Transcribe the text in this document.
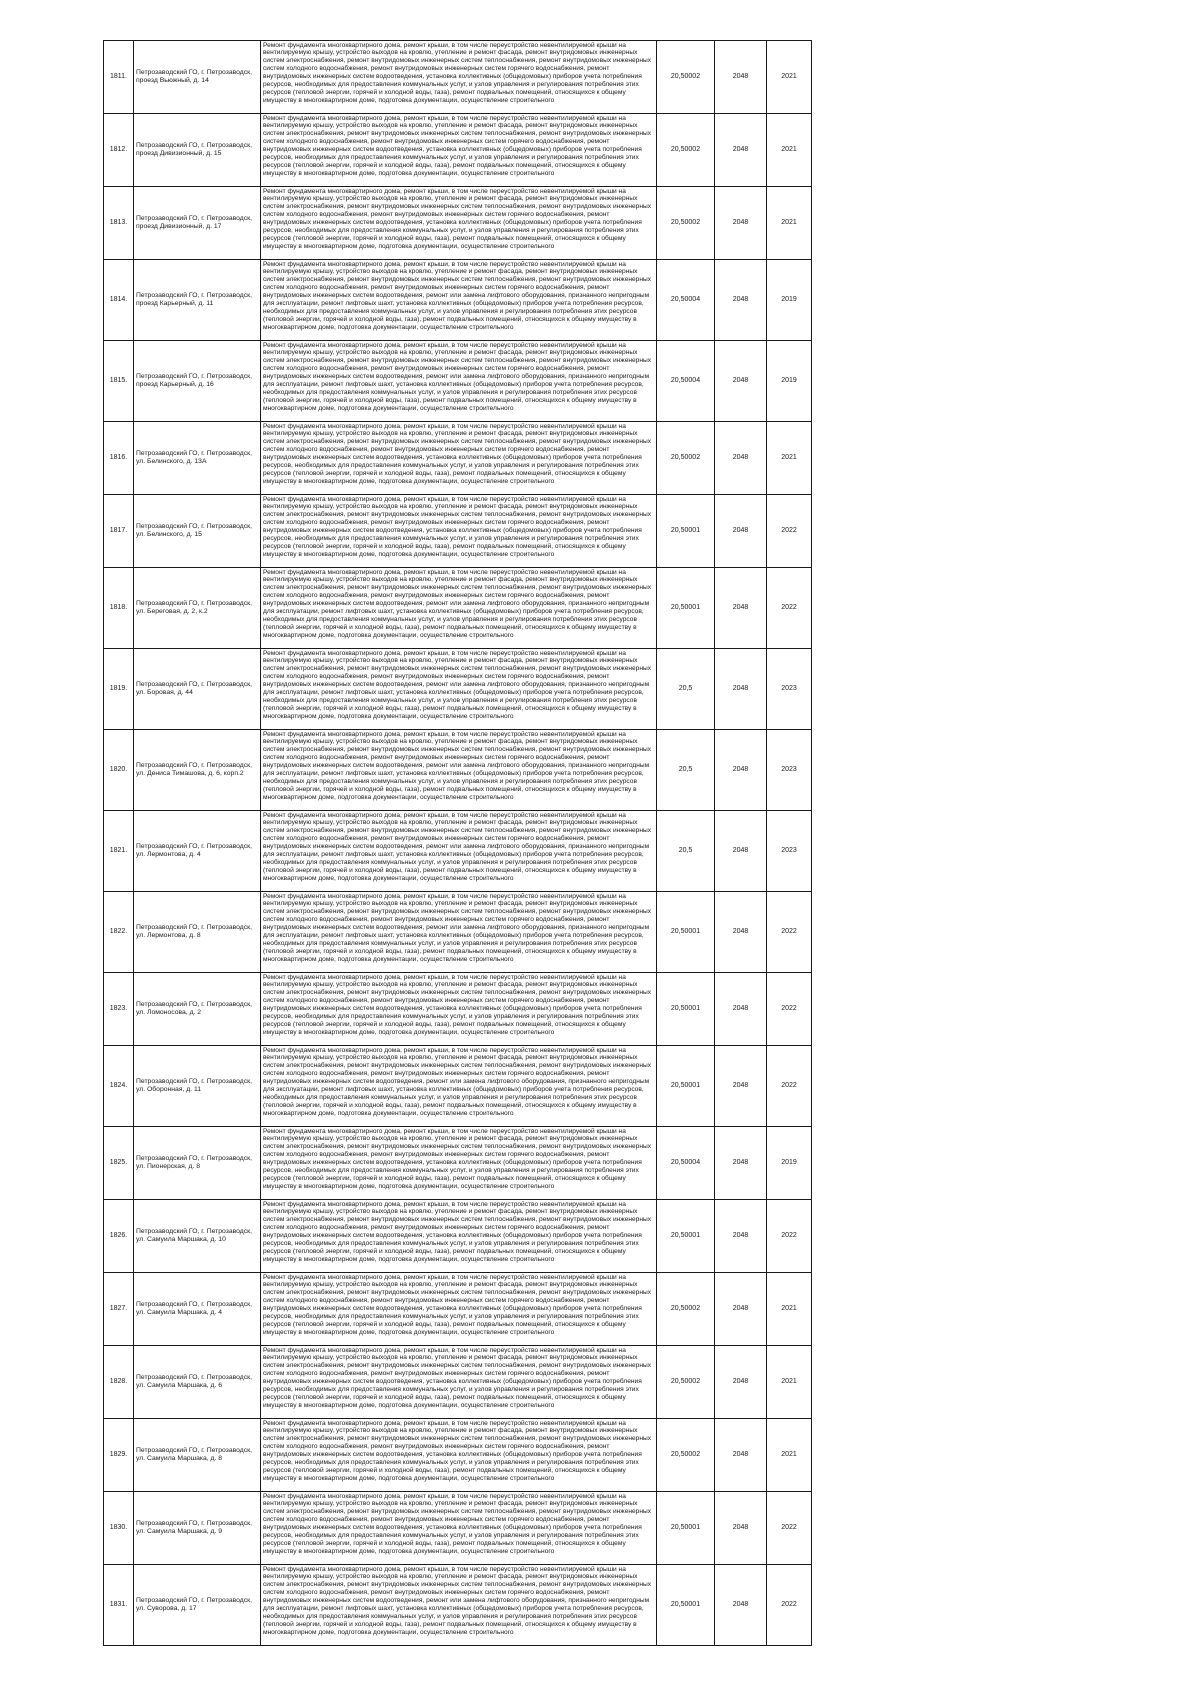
1811.	Петрозаводский ГО, г. Петрозаводск, проезд Вьюжный, д. 14	Ремонт фундамента многоквартирного дома, ремонт крыши, в том числе переустройство невентилируемой крыши на вентилируемую крышу, устройство выходов на кровлю, утепление и ремонт фасада, ремонт внутридомовых инженерных систем электроснабжения, ремонт внутридомовых инженерных систем теплоснабжения, ремонт внутридомовых инженерных систем холодного водоснабжения, ремонт внутридомовых инженерных систем горячего водоснабжения, ремонт внутридомовых инженерных систем водоотведения, установка коллективных (общедомовых) приборов учета потребления ресурсов, необходимых для предоставления коммунальных услуг, и узлов управления и регулирования потребления этих ресурсов (тепловой энергии, горячей и холодной воды, газа), ремонт подвальных помещений, относящихся к общему имуществу в многоквартирном доме, подготовка документации, осуществление строительного	20,50002	2048	2021
1812.	Петрозаводский ГО, г. Петрозаводск, проезд Дивизионный, д. 15	Ремонт фундамента многоквартирного дома, ремонт крыши, в том числе переустройство невентилируемой крыши на вентилируемую крышу, устройство выходов на кровлю, утепление и ремонт фасада, ремонт внутридомовых инженерных систем электроснабжения, ремонт внутридомовых инженерных систем теплоснабжения, ремонт внутридомовых инженерных систем холодного водоснабжения, ремонт внутридомовых инженерных систем горячего водоснабжения, ремонт внутридомовых инженерных систем водоотведения, установка коллективных (общедомовых) приборов учета потребления ресурсов, необходимых для предоставления коммунальных услуг, и узлов управления и регулирования потребления этих ресурсов (тепловой энергии, горячей и холодной воды, газа), ремонт подвальных помещений, относящихся к общему имуществу в многоквартирном доме, подготовка документации, осуществление строительного	20,50002	2048	2021
1813.	Петрозаводский ГО, г. Петрозаводск, проезд Дивизионный, д. 17	Ремонт фундамента многоквартирного дома, ремонт крыши, в том числе переустройство невентилируемой крыши на вентилируемую крышу, устройство выходов на кровлю, утепление и ремонт фасада, ремонт внутридомовых инженерных систем электроснабжения, ремонт внутридомовых инженерных систем теплоснабжения, ремонт внутридомовых инженерных систем холодного водоснабжения, ремонт внутридомовых инженерных систем горячего водоснабжения, ремонт внутридомовых инженерных систем водоотведения, установка коллективных (общедомовых) приборов учета потребления ресурсов, необходимых для предоставления коммунальных услуг, и узлов управления и регулирования потребления этих ресурсов (тепловой энергии, горячей и холодной воды, газа), ремонт подвальных помещений, относящихся к общему имуществу в многоквартирном доме, подготовка документации, осуществление строительного	20,50002	2048	2021
1814.	Петрозаводский ГО, г. Петрозаводск, проезд Карьерный, д. 11	Ремонт фундамента многоквартирного дома, ремонт крыши, в том числе переустройство невентилируемой крыши на вентилируемую крышу, устройство выходов на кровлю, утепление и ремонт фасада, ремонт внутридомовых инженерных систем электроснабжения, ремонт внутридомовых инженерных систем теплоснабжения, ремонт внутридомовых инженерных систем холодного водоснабжения, ремонт внутридомовых инженерных систем горячего водоснабжения, ремонт внутридомовых инженерных систем водоотведения, ремонт или замена лифтового оборудования, признанного непригодным для эксплуатации, ремонт лифтовых шахт, установка коллективных (общедомовых) приборов учета потребления ресурсов, необходимых для предоставления коммунальных услуг, и узлов управления и регулирования потребления этих ресурсов (тепловой энергии, горячей и холодной воды, газа), ремонт подвальных помещений, относящихся к общему имуществу в многоквартирном доме, подготовка документации, осуществление строительного	20,50004	2048	2019
1815.	Петрозаводский ГО, г. Петрозаводск, проезд Карьерный, д. 16	Ремонт фундамента многоквартирного дома, ремонт крыши, в том числе переустройство невентилируемой крыши на вентилируемую крышу, устройство выходов на кровлю, утепление и ремонт фасада, ремонт внутридомовых инженерных систем электроснабжения, ремонт внутридомовых инженерных систем теплоснабжения, ремонт внутридомовых инженерных систем холодного водоснабжения, ремонт внутридомовых инженерных систем горячего водоснабжения, ремонт внутридомовых инженерных систем водоотведения, ремонт или замена лифтового оборудования, признанного непригодным для эксплуатации, ремонт лифтовых шахт, установка коллективных (общедомовых) приборов учета потребления ресурсов, необходимых для предоставления коммунальных услуг, и узлов управления и регулирования потребления этих ресурсов (тепловой энергии, горячей и холодной воды, газа), ремонт подвальных помещений, относящихся к общему имуществу в многоквартирном доме, подготовка документации, осуществление строительного	20,50004	2048	2019
1816.	Петрозаводский ГО, г. Петрозаводск, ул. Белинского, д. 13А	Ремонт фундамента многоквартирного дома, ремонт крыши, в том числе переустройство невентилируемой крыши на вентилируемую крышу, устройство выходов на кровлю, утепление и ремонт фасада, ремонт внутридомовых инженерных систем электроснабжения, ремонт внутридомовых инженерных систем теплоснабжения, ремонт внутридомовых инженерных систем холодного водоснабжения, ремонт внутридомовых инженерных систем горячего водоснабжения, ремонт внутридомовых инженерных систем водоотведения, установка коллективных (общедомовых) приборов учета потребления ресурсов, необходимых для предоставления коммунальных услуг, и узлов управления и регулирования потребления этих ресурсов (тепловой энергии, горячей и холодной воды, газа), ремонт подвальных помещений, относящихся к общему имуществу в многоквартирном доме, подготовка документации, осуществление строительного	20,50002	2048	2021
1817.	Петрозаводский ГО, г. Петрозаводск, ул. Белинского, д. 15	Ремонт фундамента многоквартирного дома, ремонт крыши, в том числе переустройство невентилируемой крыши на вентилируемую крышу, устройство выходов на кровлю, утепление и ремонт фасада, ремонт внутридомовых инженерных систем электроснабжения, ремонт внутридомовых инженерных систем теплоснабжения, ремонт внутридомовых инженерных систем холодного водоснабжения, ремонт внутридомовых инженерных систем горячего водоснабжения, ремонт внутридомовых инженерных систем водоотведения, установка коллективных (общедомовых) приборов учета потребления ресурсов, необходимых для предоставления коммунальных услуг, и узлов управления и регулирования потребления этих ресурсов (тепловой энергии, горячей и холодной воды, газа), ремонт подвальных помещений, относящихся к общему имуществу в многоквартирном доме, подготовка документации, осуществление строительного	20,50001	2048	2022
1818.	Петрозаводский ГО, г. Петрозаводск, ул. Береговая, д. 2, к.2	Ремонт фундамента многоквартирного дома, ремонт крыши, в том числе переустройство невентилируемой крыши на вентилируемую крышу, устройство выходов на кровлю, утепление и ремонт фасада, ремонт внутридомовых инженерных систем электроснабжения, ремонт внутридомовых инженерных систем теплоснабжения, ремонт внутридомовых инженерных систем холодного водоснабжения, ремонт внутридомовых инженерных систем горячего водоснабжения, ремонт внутридомовых инженерных систем водоотведения, ремонт или замена лифтового оборудования, признанного непригодным для эксплуатации, ремонт лифтовых шахт, установка коллективных (общедомовых) приборов учета потребления ресурсов, необходимых для предоставления коммунальных услуг, и узлов управления и регулирования потребления этих ресурсов (тепловой энергии, горячей и холодной воды, газа), ремонт подвальных помещений, относящихся к общему имуществу в многоквартирном доме, подготовка документации, осуществление строительного	20,50001	2048	2022
1819.	Петрозаводский ГО, г. Петрозаводск, ул. Боровая, д. 44	Ремонт фундамента многоквартирного дома, ремонт крыши, в том числе переустройство невентилируемой крыши на вентилируемую крышу, устройство выходов на кровлю, утепление и ремонт фасада, ремонт внутридомовых инженерных систем электроснабжения, ремонт внутридомовых инженерных систем теплоснабжения, ремонт внутридомовых инженерных систем холодного водоснабжения, ремонт внутридомовых инженерных систем горячего водоснабжения, ремонт внутридомовых инженерных систем водоотведения, ремонт или замена лифтового оборудования, признанного непригодным для эксплуатации, ремонт лифтовых шахт, установка коллективных (общедомовых) приборов учета потребления ресурсов, необходимых для предоставления коммунальных услуг, и узлов управления и регулирования потребления этих ресурсов (тепловой энергии, горячей и холодной воды, газа), ремонт подвальных помещений, относящихся к общему имуществу в многоквартирном доме, подготовка документации, осуществление строительного	20,5	2048	2023
1820.	Петрозаводский ГО, г. Петрозаводск, ул. Дениса Тимашова, д. 6, корп.2	Ремонт фундамента многоквартирного дома, ремонт крыши, в том числе переустройство невентилируемой крыши на вентилируемую крышу, устройство выходов на кровлю, утепление и ремонт фасада, ремонт внутридомовых инженерных систем электроснабжения, ремонт внутридомовых инженерных систем теплоснабжения, ремонт внутридомовых инженерных систем холодного водоснабжения, ремонт внутридомовых инженерных систем горячего водоснабжения, ремонт внутридомовых инженерных систем водоотведения, ремонт или замена лифтового оборудования, признанного непригодным для эксплуатации, ремонт лифтовых шахт, установка коллективных (общедомовых) приборов учета потребления ресурсов, необходимых для предоставления коммунальных услуг, и узлов управления и регулирования потребления этих ресурсов (тепловой энергии, горячей и холодной воды, газа), ремонт подвальных помещений, относящихся к общему имуществу в многоквартирном доме, подготовка документации, осуществление строительного	20,5	2048	2023
1821.	Петрозаводский ГО, г. Петрозаводск, ул. Лермонтова, д. 4	Ремонт фундамента многоквартирного дома, ремонт крыши, в том числе переустройство невентилируемой крыши на вентилируемую крышу, устройство выходов на кровлю, утепление и ремонт фасада, ремонт внутридомовых инженерных систем электроснабжения, ремонт внутридомовых инженерных систем теплоснабжения, ремонт внутридомовых инженерных систем холодного водоснабжения, ремонт внутридомовых инженерных систем горячего водоснабжения, ремонт внутридомовых инженерных систем водоотведения, ремонт или замена лифтового оборудования, признанного непригодным для эксплуатации, ремонт лифтовых шахт, установка коллективных (общедомовых) приборов учета потребления ресурсов, необходимых для предоставления коммунальных услуг, и узлов управления и регулирования потребления этих ресурсов (тепловой энергии, горячей и холодной воды, газа), ремонт подвальных помещений, относящихся к общему имуществу в многоквартирном доме, подготовка документации, осуществление строительного	20,5	2048	2023
1822.	Петрозаводский ГО, г. Петрозаводск, ул. Лермонтова, д. 8	Ремонт фундамента многоквартирного дома, ремонт крыши, в том числе переустройство невентилируемой крыши на вентилируемую крышу, устройство выходов на кровлю, утепление и ремонт фасада, ремонт внутридомовых инженерных систем электроснабжения, ремонт внутридомовых инженерных систем теплоснабжения, ремонт внутридомовых инженерных систем холодного водоснабжения, ремонт внутридомовых инженерных систем горячего водоснабжения, ремонт внутридомовых инженерных систем водоотведения, ремонт или замена лифтового оборудования, признанного непригодным для эксплуатации, ремонт лифтовых шахт, установка коллективных (общедомовых) приборов учета потребления ресурсов, необходимых для предоставления коммунальных услуг, и узлов управления и регулирования потребления этих ресурсов (тепловой энергии, горячей и холодной воды, газа), ремонт подвальных помещений, относящихся к общему имуществу в многоквартирном доме, подготовка документации, осуществление строительного	20,50001	2048	2022
1823.	Петрозаводский ГО, г. Петрозаводск, ул. Ломоносова, д. 2	Ремонт фундамента многоквартирного дома, ремонт крыши, в том числе переустройство невентилируемой крыши на вентилируемую крышу, устройство выходов на кровлю, утепление и ремонт фасада, ремонт внутридомовых инженерных систем электроснабжения, ремонт внутридомовых инженерных систем теплоснабжения, ремонт внутридомовых инженерных систем холодного водоснабжения, ремонт внутридомовых инженерных систем горячего водоснабжения, ремонт внутридомовых инженерных систем водоотведения, установка коллективных (общедомовых) приборов учета потребления ресурсов, необходимых для предоставления коммунальных услуг, и узлов управления и регулирования потребления этих ресурсов (тепловой энергии, горячей и холодной воды, газа), ремонт подвальных помещений, относящихся к общему имуществу в многоквартирном доме, подготовка документации, осуществление строительного	20,50001	2048	2022
1824.	Петрозаводский ГО, г. Петрозаводск, ул. Оборонная, д. 11	Ремонт фундамента многоквартирного дома, ремонт крыши, в том числе переустройство невентилируемой крыши на вентилируемую крышу, устройство выходов на кровлю, утепление и ремонт фасада, ремонт внутридомовых инженерных систем электроснабжения, ремонт внутридомовых инженерных систем теплоснабжения, ремонт внутридомовых инженерных систем холодного водоснабжения, ремонт внутридомовых инженерных систем горячего водоснабжения, ремонт внутридомовых инженерных систем водоотведения, ремонт или замена лифтового оборудования, признанного непригодным для эксплуатации, ремонт лифтовых шахт, установка коллективных (общедомовых) приборов учета потребления ресурсов, необходимых для предоставления коммунальных услуг, и узлов управления и регулирования потребления этих ресурсов (тепловой энергии, горячей и холодной воды, газа), ремонт подвальных помещений, относящихся к общему имуществу в многоквартирном доме, подготовка документации, осуществление строительного	20,50001	2048	2022
1825.	Петрозаводский ГО, г. Петрозаводск, ул. Пионерская, д. 8	Ремонт фундамента многоквартирного дома, ремонт крыши, в том числе переустройство невентилируемой крыши на вентилируемую крышу, устройство выходов на кровлю, утепление и ремонт фасада, ремонт внутридомовых инженерных систем электроснабжения, ремонт внутридомовых инженерных систем теплоснабжения, ремонт внутридомовых инженерных систем холодного водоснабжения, ремонт внутридомовых инженерных систем горячего водоснабжения, ремонт внутридомовых инженерных систем водоотведения, установка коллективных (общедомовых) приборов учета потребления ресурсов, необходимых для предоставления коммунальных услуг, и узлов управления и регулирования потребления этих ресурсов (тепловой энергии, горячей и холодной воды, газа), ремонт подвальных помещений, относящихся к общему имуществу в многоквартирном доме, подготовка документации, осуществление строительного	20,50004	2048	2019
1826.	Петрозаводский ГО, г. Петрозаводск, ул. Самуила Маршака, д. 10	Ремонт фундамента многоквартирного дома, ремонт крыши, в том числе переустройство невентилируемой крыши на вентилируемую крышу, устройство выходов на кровлю, утепление и ремонт фасада, ремонт внутридомовых инженерных систем электроснабжения, ремонт внутридомовых инженерных систем теплоснабжения, ремонт внутридомовых инженерных систем холодного водоснабжения, ремонт внутридомовых инженерных систем горячего водоснабжения, ремонт внутридомовых инженерных систем водоотведения, установка коллективных (общедомовых) приборов учета потребления ресурсов, необходимых для предоставления коммунальных услуг, и узлов управления и регулирования потребления этих ресурсов (тепловой энергии, горячей и холодной воды, газа), ремонт подвальных помещений, относящихся к общему имуществу в многоквартирном доме, подготовка документации, осуществление строительного	20,50001	2048	2022
1827.	Петрозаводский ГО, г. Петрозаводск, ул. Самуила Маршака, д. 4	Ремонт фундамента многоквартирного дома, ремонт крыши, в том числе переустройство невентилируемой крыши на вентилируемую крышу, устройство выходов на кровлю, утепление и ремонт фасада, ремонт внутридомовых инженерных систем электроснабжения, ремонт внутридомовых инженерных систем теплоснабжения, ремонт внутридомовых инженерных систем холодного водоснабжения, ремонт внутридомовых инженерных систем горячего водоснабжения, ремонт внутридомовых инженерных систем водоотведения, установка коллективных (общедомовых) приборов учета потребления ресурсов, необходимых для предоставления коммунальных услуг, и узлов управления и регулирования потребления этих ресурсов (тепловой энергии, горячей и холодной воды, газа), ремонт подвальных помещений, относящихся к общему имуществу в многоквартирном доме, подготовка документации, осуществление строительного	20,50002	2048	2021
1828.	Петрозаводский ГО, г. Петрозаводск, ул. Самуила Маршака, д. 6	Ремонт фундамента многоквартирного дома, ремонт крыши, в том числе переустройство невентилируемой крыши на вентилируемую крышу, устройство выходов на кровлю, утепление и ремонт фасада, ремонт внутридомовых инженерных систем электроснабжения, ремонт внутридомовых инженерных систем теплоснабжения, ремонт внутридомовых инженерных систем холодного водоснабжения, ремонт внутридомовых инженерных систем горячего водоснабжения, ремонт внутридомовых инженерных систем водоотведения, установка коллективных (общедомовых) приборов учета потребления ресурсов, необходимых для предоставления коммунальных услуг, и узлов управления и регулирования потребления этих ресурсов (тепловой энергии, горячей и холодной воды, газа), ремонт подвальных помещений, относящихся к общему имуществу в многоквартирном доме, подготовка документации, осуществление строительного	20,50002	2048	2021
1829.	Петрозаводский ГО, г. Петрозаводск, ул. Самуила Маршака, д. 8	Ремонт фундамента многоквартирного дома, ремонт крыши, в том числе переустройство невентилируемой крыши на вентилируемую крышу, устройство выходов на кровлю, утепление и ремонт фасада, ремонт внутридомовых инженерных систем электроснабжения, ремонт внутридомовых инженерных систем теплоснабжения, ремонт внутридомовых инженерных систем холодного водоснабжения, ремонт внутридомовых инженерных систем горячего водоснабжения, ремонт внутридомовых инженерных систем водоотведения, установка коллективных (общедомовых) приборов учета потребления ресурсов, необходимых для предоставления коммунальных услуг, и узлов управления и регулирования потребления этих ресурсов (тепловой энергии, горячей и холодной воды, газа), ремонт подвальных помещений, относящихся к общему имуществу в многоквартирном доме, подготовка документации, осуществление строительного	20,50002	2048	2021
1830.	Петрозаводский ГО, г. Петрозаводск, ул. Самуила Маршака, д. 9	Ремонт фундамента многоквартирного дома, ремонт крыши, в том числе переустройство невентилируемой крыши на вентилируемую крышу, устройство выходов на кровлю, утепление и ремонт фасада, ремонт внутридомовых инженерных систем электроснабжения, ремонт внутридомовых инженерных систем теплоснабжения, ремонт внутридомовых инженерных систем холодного водоснабжения, ремонт внутридомовых инженерных систем горячего водоснабжения, ремонт внутридомовых инженерных систем водоотведения, установка коллективных (общедомовых) приборов учета потребления ресурсов, необходимых для предоставления коммунальных услуг, и узлов управления и регулирования потребления этих ресурсов (тепловой энергии, горячей и холодной воды, газа), ремонт подвальных помещений, относящихся к общему имуществу в многоквартирном доме, подготовка документации, осуществление строительного	20,50001	2048	2022
1831.	Петрозаводский ГО, г. Петрозаводск, ул. Суворова, д. 17	Ремонт фундамента многоквартирного дома, ремонт крыши, в том числе переустройство невентилируемой крыши на вентилируемую крышу, устройство выходов на кровлю, утепление и ремонт фасада, ремонт внутридомовых инженерных систем электроснабжения, ремонт внутридомовых инженерных систем теплоснабжения, ремонт внутридомовых инженерных систем холодного водоснабжения, ремонт внутридомовых инженерных систем горячего водоснабжения, ремонт внутридомовых инженерных систем водоотведения, ремонт или замена лифтового оборудования, признанного непригодным для эксплуатации, ремонт лифтовых шахт, установка коллективных (общедомовых) приборов учета потребления ресурсов, необходимых для предоставления коммунальных услуг, и узлов управления и регулирования потребления этих ресурсов (тепловой энергии, горячей и холодной воды, газа), ремонт подвальных помещений, относящихся к общему имуществу в многоквартирном доме, подготовка документации, осуществление строительного	20,50001	2048	2022
